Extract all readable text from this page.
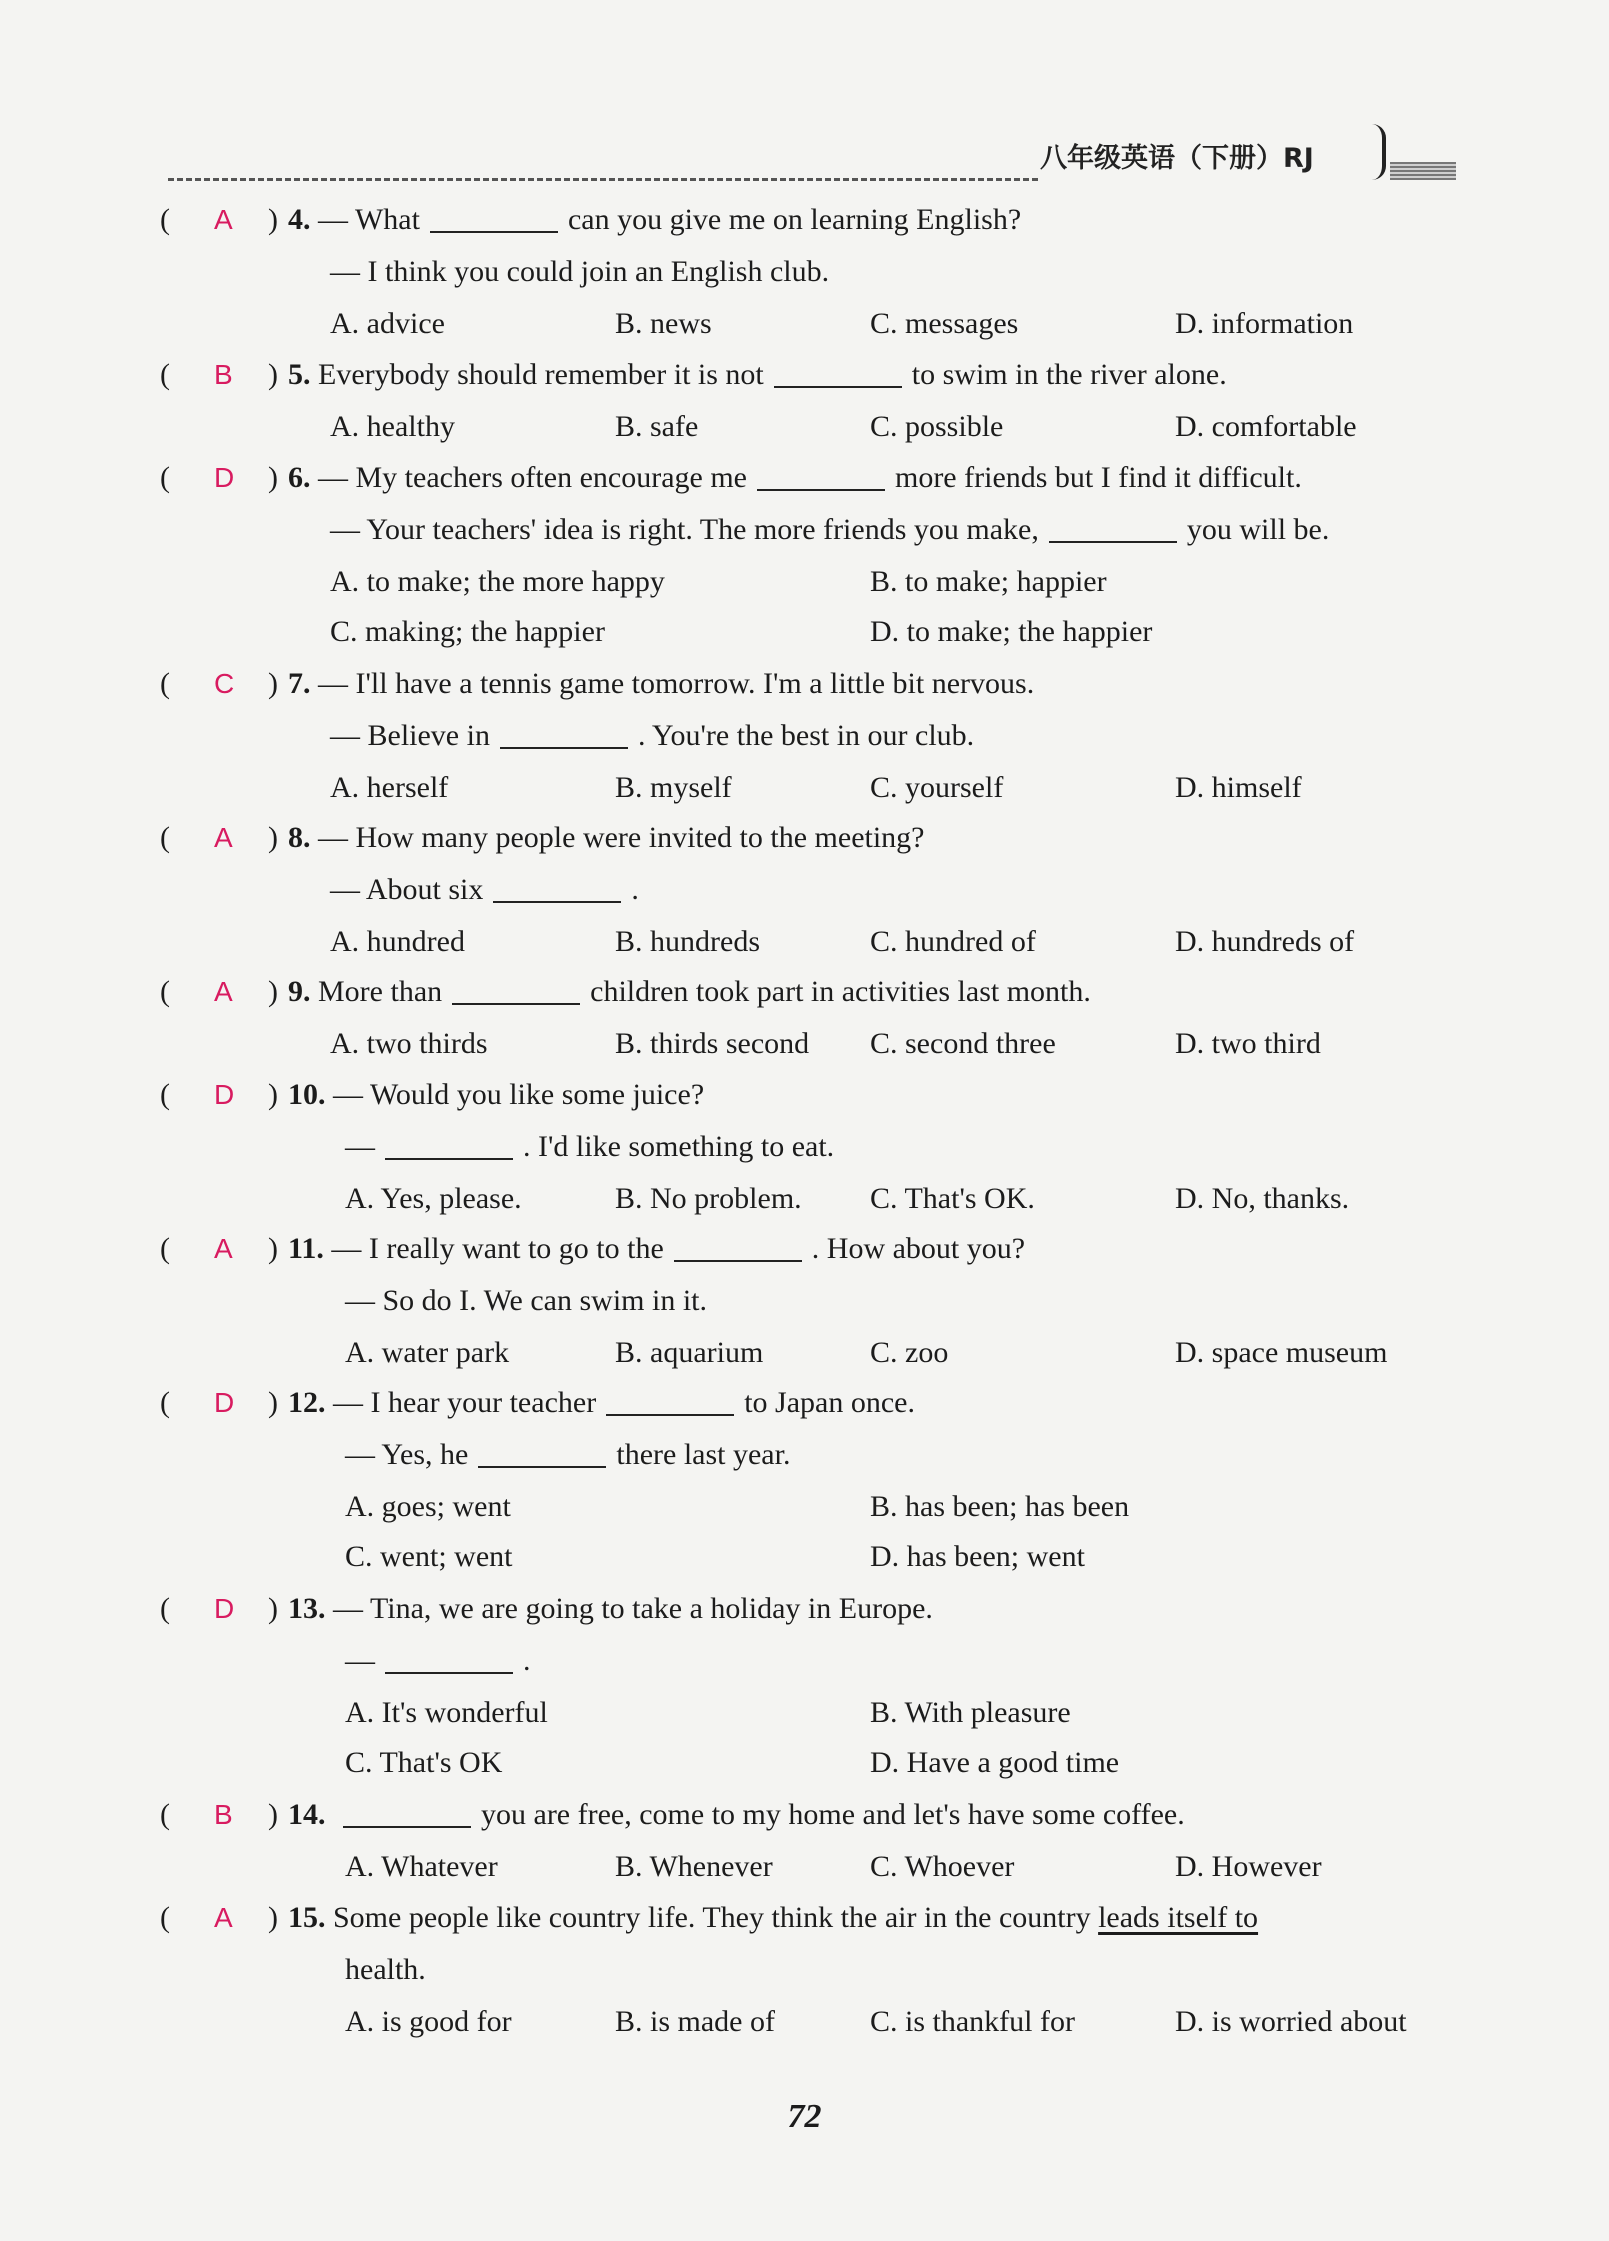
八年级英语（下册）RJ
( A ) 4. — What	can you give me on learning English?
— I think you could join an English club.
A. advice	B. news	C. messages	D. information
( B ) 5. Everybody should remember it is not	to swim in the river alone.
A. healthy	B. safe	C. possible	D. comfortable
( D ) 6. — My teachers often encourage me	more friends but I find it difficult.
— Your teachers' idea is right. The more friends you make,	you will be.
A. to make; the more happy	B. to make; happier
C. making; the happier	D. to make; the happier
( C ) 7. — I'll have a tennis game tomorrow. I'm a little bit nervous.
— Believe in	. You're the best in our club.
A. herself	B. myself	C. yourself	D. himself
( A ) 8. — How many people were invited to the meeting?
— About six	.
A. hundred	B. hundreds	C. hundred of	D. hundreds of
( A ) 9. More than	children took part in activities last month.
A. two thirds	B. thirds second C. second three	D. two third
( D ) 10. — Would you like some juice?
—	. I'd like something to eat.
A. Yes, please.	B. No problem. C. That's OK.	D. No, thanks.
( A ) 11. — I really want to go to the	. How about you?
— So do I. We can swim in it.
A. water park	B. aquarium	C. zoo	D. space museum
( D ) 12. — I hear your teacher	to Japan once.
— Yes, he	there last year.
A. goes; went	B. has been; has been
C. went; went	D. has been; went
( D ) 13. — Tina, we are going to take a holiday in Europe.
—	.
A. It's wonderful	B. With pleasure
C. That's OK	D. Have a good time
( B ) 14.	you are free, come to my home and let's have some coffee.
A. Whatever	B. Whenever	C. Whoever	D. However
( A ) 15. Some people like country life. They think the air in the country leads itself to
health.
A. is good for	B. is made of	C. is thankful for	D. is worried about
72
